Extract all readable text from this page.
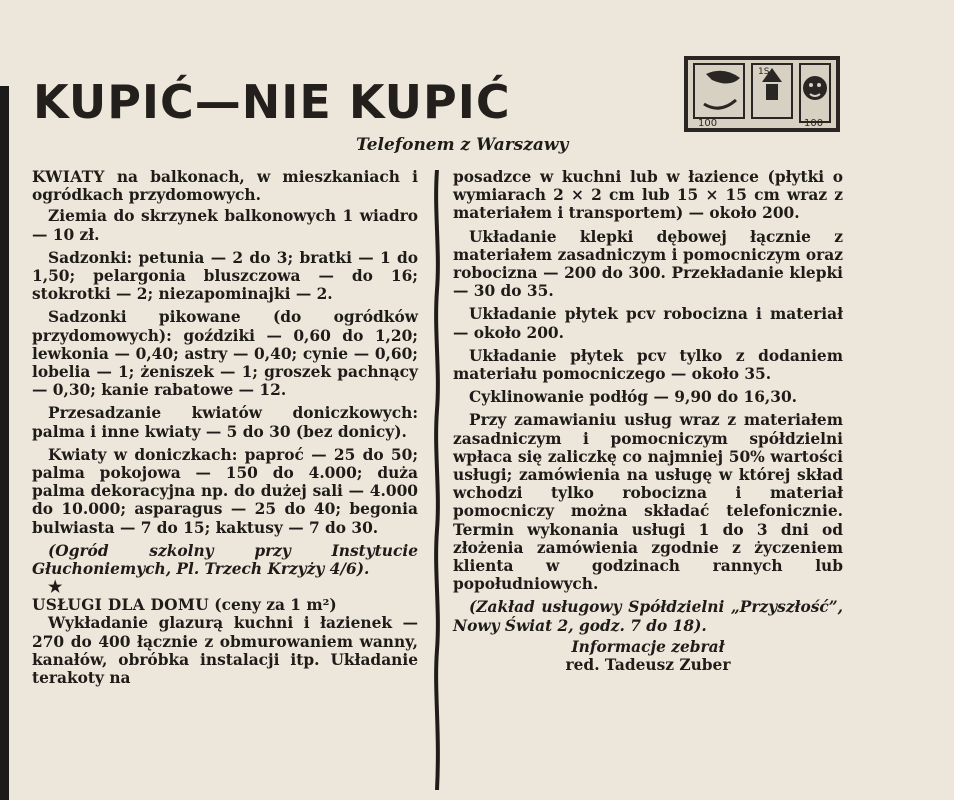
KUPIĆ—NIE KUPIĆ
Telefonem z Warszawy
100	100
1S

KWIATY na balkonach, w mieszkaniach i ogródkach przydomowych.

Ziemia do skrzynek balkonowych 1 wiadro — 10 zł.

Sadzonki: petunia — 2 do 3; bratki — 1 do 1,50; pelargonia bluszczowa — do 16; stokrotki — 2; niezapominajki — 2.

Sadzonki pikowane (do ogródków przydomowych): goździki — 0,60 do 1,20; lewkonia — 0,40; astry — 0,40; cynie — 0,60; lobelia — 1; żeniszek — 1; groszek pachnący — 0,30; kanie rabatowe — 12.

Przesadzanie kwiatów doniczkowych: palma i inne kwiaty — 5 do 30 (bez donicy).

Kwiaty w doniczkach: paproć — 25 do 50; palma pokojowa — 150 do 4.000; duża palma dekoracyjna np. do dużej sali — 4.000 do 10.000; asparagus — 25 do 40; begonia bulwiasta — 7 do 15; kaktusy — 7 do 30.

(Ogród szkolny przy Instytucie Głuchoniemych, Pl. Trzech Krzyży 4/6).

★

USŁUGI DLA DOMU (ceny za 1 m²)

Wykładanie glazurą kuchni i łazienek — 270 do 400 łącznie z obmurowaniem wanny, kanałów, obróbka instalacji itp. Układanie terakoty na

posadzce w kuchni lub w łazience (płytki o wymiarach 2 × 2 cm lub 15 × 15 cm wraz z materiałem i transportem) — około 200.

Układanie klepki dębowej łącznie z materiałem zasadniczym i pomocniczym oraz robocizna — 200 do 300. Przekładanie klepki — 30 do 35.

Układanie płytek pcv robocizna i materiał — około 200.

Układanie płytek pcv tylko z dodaniem materiału pomocniczego — około 35.

Cyklinowanie podłóg — 9,90 do 16,30.

Przy zamawianiu usług wraz z materiałem zasadniczym i pomocniczym spółdzielni wpłaca się zaliczkę co najmniej 50% wartości usługi; zamówienia na usługę w której skład wchodzi tylko robocizna i materiał pomocniczy można składać telefonicznie. Termin wykonania usługi 1 do 3 dni od złożenia zamówienia zgodnie z życzeniem klienta w godzinach rannych lub popołudniowych.

(Zakład usługowy Spółdzielni „Przyszłość”, Nowy Świat 2, godz. 7 do 18).

Informacje zebrał

red. Tadeusz Zuber
